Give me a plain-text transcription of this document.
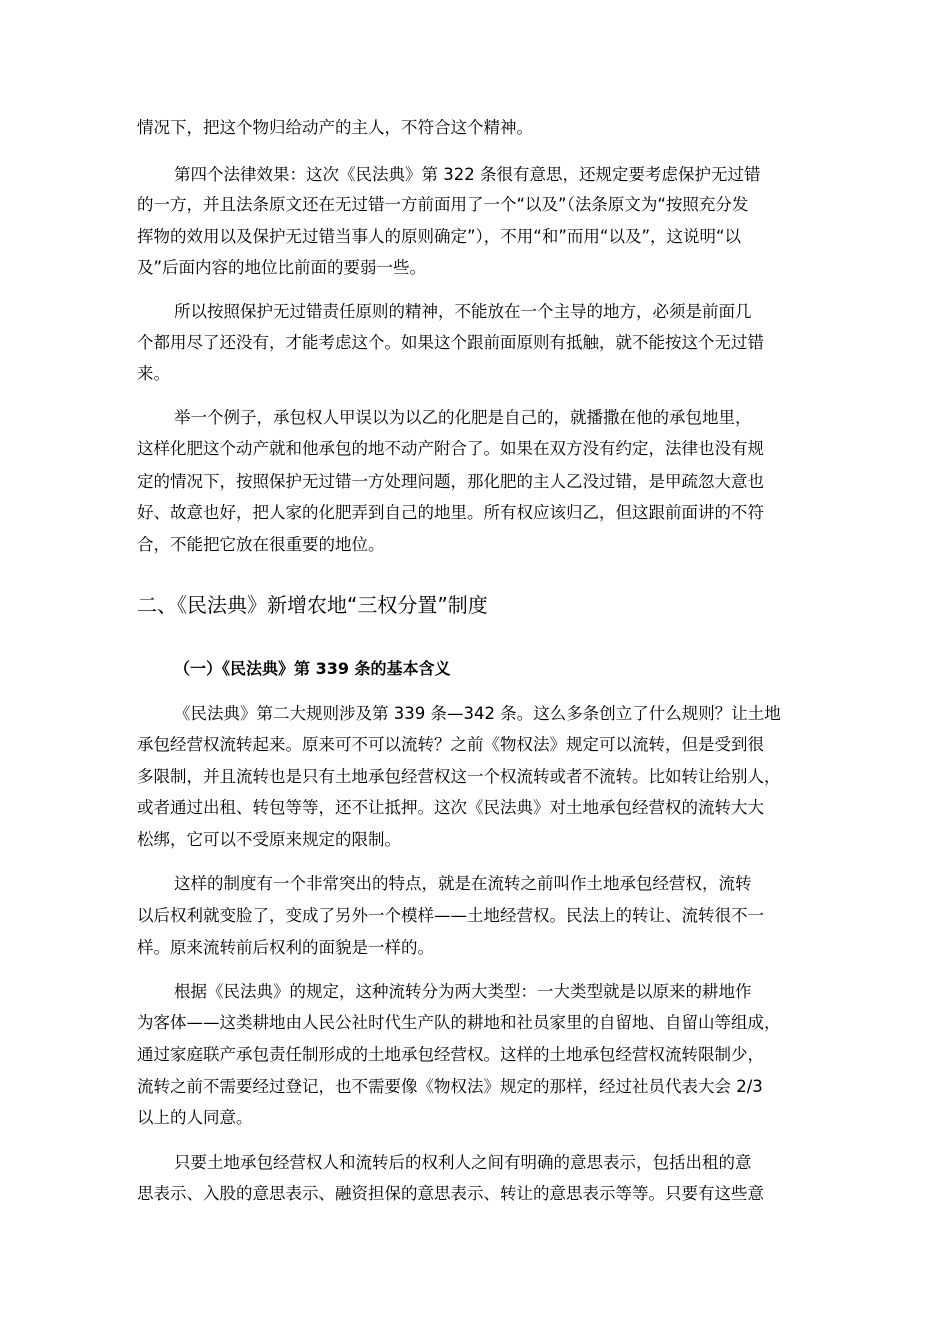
情况下，把这个物归给动产的主人，不符合这个精神。

第四个法律效果：这次《民法典》第 322 条很有意思，还规定要考虑保护无过错

的一方，并且法条原文还在无过错一方前面用了一个“以及”（法条原文为“按照充分发

挥物的效用以及保护无过错当事人的原则确定”），不用“和”而用“以及”，这说明“以

及”后面内容的地位比前面的要弱一些。

所以按照保护无过错责任原则的精神，不能放在一个主导的地方，必须是前面几

个都用尽了还没有，才能考虑这个。如果这个跟前面原则有抵触，就不能按这个无过错

来。

举一个例子，承包权人甲误以为以乙的化肥是自己的，就播撒在他的承包地里，

这样化肥这个动产就和他承包的地不动产附合了。如果在双方没有约定，法律也没有规

定的情况下，按照保护无过错一方处理问题，那化肥的主人乙没过错，是甲疏忽大意也

好、故意也好，把人家的化肥弄到自己的地里。所有权应该归乙，但这跟前面讲的不符

合，不能把它放在很重要的地位。

二、《民法典》新增农地“三权分置”制度
（一）《民法典》第 339 条的基本含义

《民法典》第二大规则涉及第 339 条—342 条。这么多条创立了什么规则？让土地

承包经营权流转起来。原来可不可以流转？之前《物权法》规定可以流转，但是受到很

多限制，并且流转也是只有土地承包经营权这一个权流转或者不流转。比如转让给别人，

或者通过出租、转包等等，还不让抵押。这次《民法典》对土地承包经营权的流转大大

松绑，它可以不受原来规定的限制。

这样的制度有一个非常突出的特点，就是在流转之前叫作土地承包经营权，流转

以后权利就变脸了，变成了另外一个模样——土地经营权。民法上的转让、流转很不一

样。原来流转前后权利的面貌是一样的。

根据《民法典》的规定，这种流转分为两大类型：一大类型就是以原来的耕地作

为客体——这类耕地由人民公社时代生产队的耕地和社员家里的自留地、自留山等组成，

通过家庭联产承包责任制形成的土地承包经营权。这样的土地承包经营权流转限制少，

流转之前不需要经过登记，也不需要像《物权法》规定的那样，经过社员代表大会 2/3

以上的人同意。

只要土地承包经营权人和流转后的权利人之间有明确的意思表示，包括出租的意

思表示、入股的意思表示、融资担保的意思表示、转让的意思表示等等。只要有这些意
